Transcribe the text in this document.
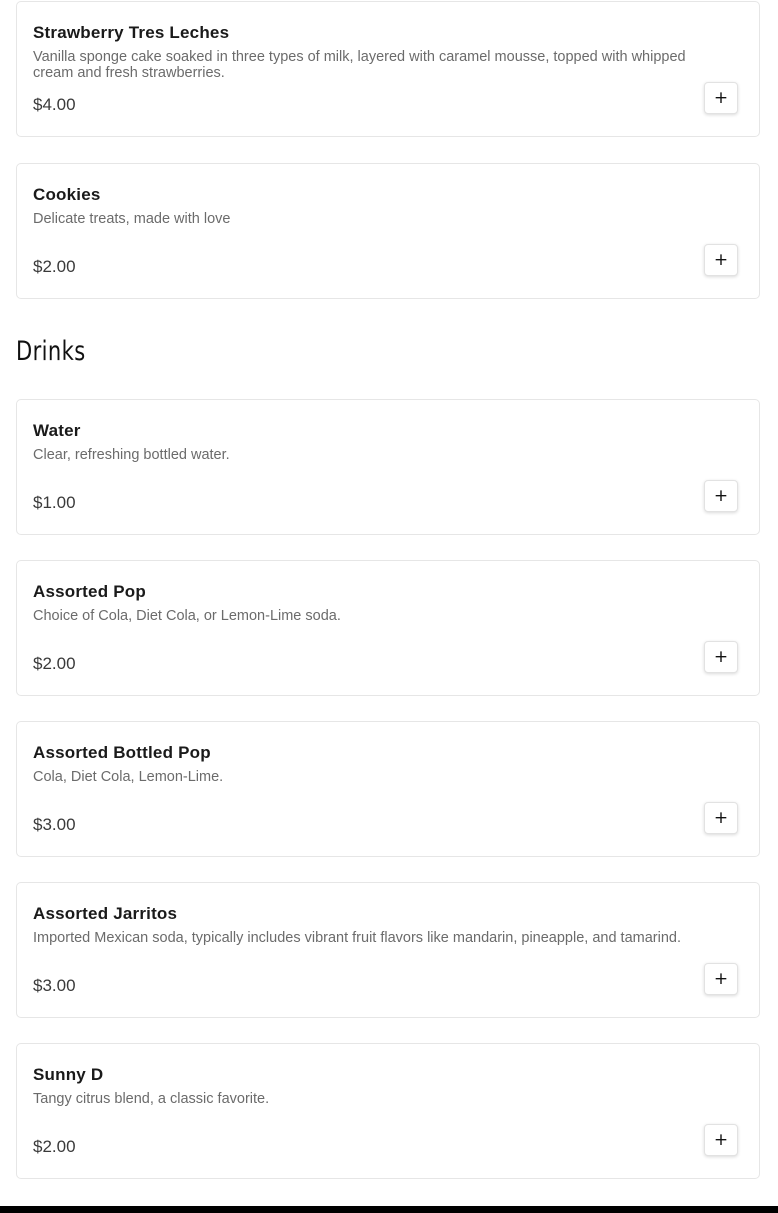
Strawberry Tres Leches
Vanilla sponge cake soaked in three types of milk, layered with caramel mousse, topped with whipped cream and fresh strawberries.
$4.00	+
Cookies
Delicate treats, made with love
$2.00	+
Drinks
Water
Clear, refreshing bottled water.
$1.00	+
Assorted Pop
Choice of Cola, Diet Cola, or Lemon-Lime soda.
$2.00	+
Assorted Bottled Pop
Cola, Diet Cola, Lemon-Lime.
$3.00	+
Assorted Jarritos
Imported Mexican soda, typically includes vibrant fruit flavors like mandarin, pineapple, and tamarind.
$3.00	+
Sunny D
Tangy citrus blend, a classic favorite.
$2.00	+
